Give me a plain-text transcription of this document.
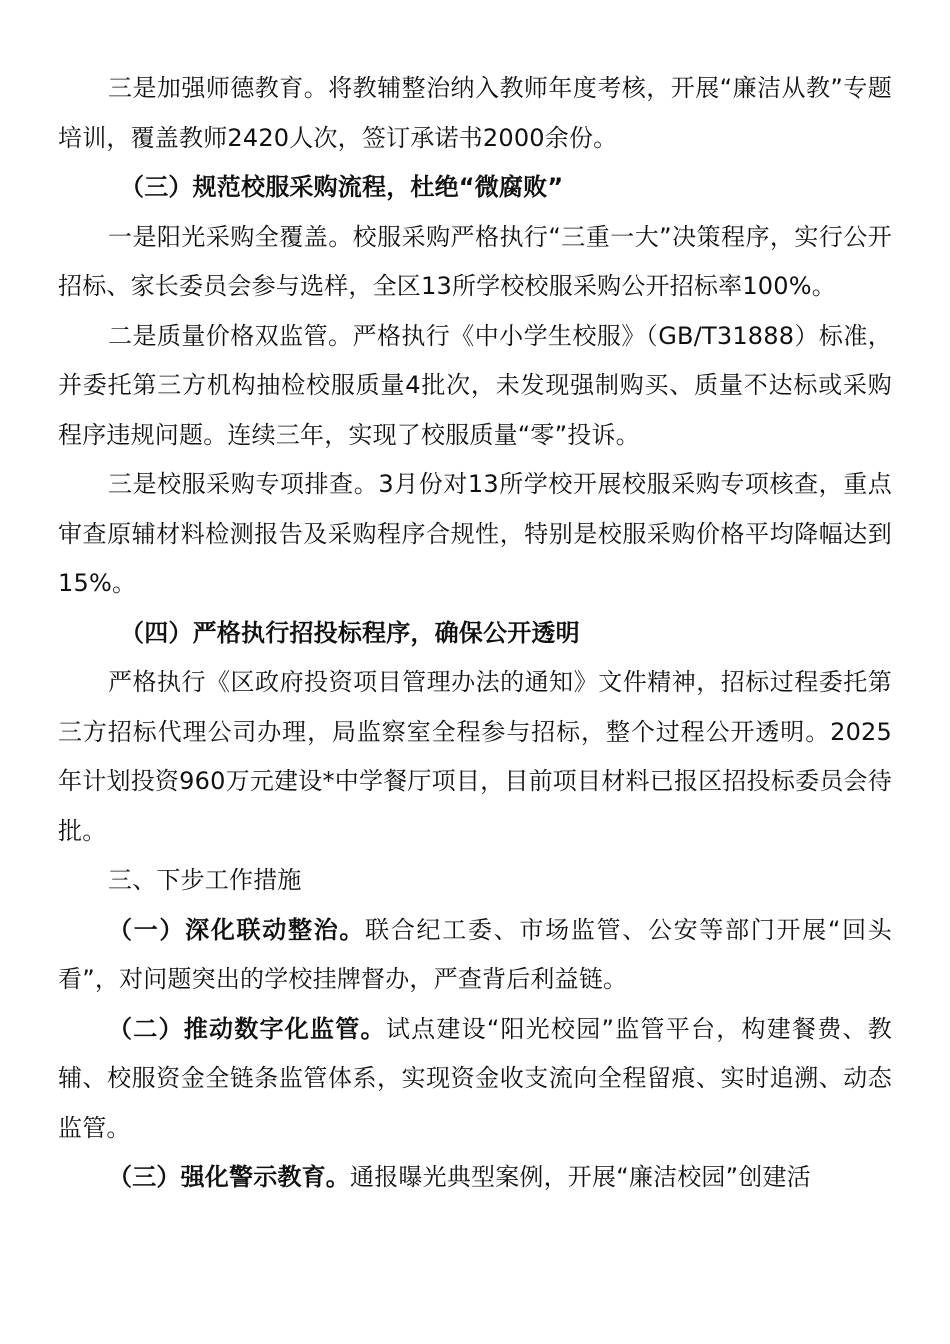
三是加强师德教育。将教辅整治纳入教师年度考核，开展“廉洁从教”专题培训，覆盖教师2420人次，签订承诺书2000余份。

（三）规范校服采购流程，杜绝“微腐败”

一是阳光采购全覆盖。校服采购严格执行“三重一大”决策程序，实行公开招标、家长委员会参与选样，全区13所学校校服采购公开招标率100%。

二是质量价格双监管。严格执行《中小学生校服》（GB/T31888）标准，并委托第三方机构抽检校服质量4批次，未发现强制购买、质量不达标或采购程序违规问题。连续三年，实现了校服质量“零”投诉。

三是校服采购专项排查。3月份对13所学校开展校服采购专项核查，重点审查原辅材料检测报告及采购程序合规性，特别是校服采购价格平均降幅达到15%。

（四）严格执行招投标程序，确保公开透明

严格执行《区政府投资项目管理办法的通知》文件精神，招标过程委托第三方招标代理公司办理，局监察室全程参与招标，整个过程公开透明。2025年计划投资960万元建设*中学餐厅项目，目前项目材料已报区招投标委员会待批。

三、下步工作措施

（一）深化联动整治。联合纪工委、市场监管、公安等部门开展“回头看”，对问题突出的学校挂牌督办，严查背后利益链。

（二）推动数字化监管。试点建设“阳光校园”监管平台，构建餐费、教辅、校服资金全链条监管体系，实现资金收支流向全程留痕、实时追溯、动态监管。

（三）强化警示教育。通报曝光典型案例，开展“廉洁校园”创建活
